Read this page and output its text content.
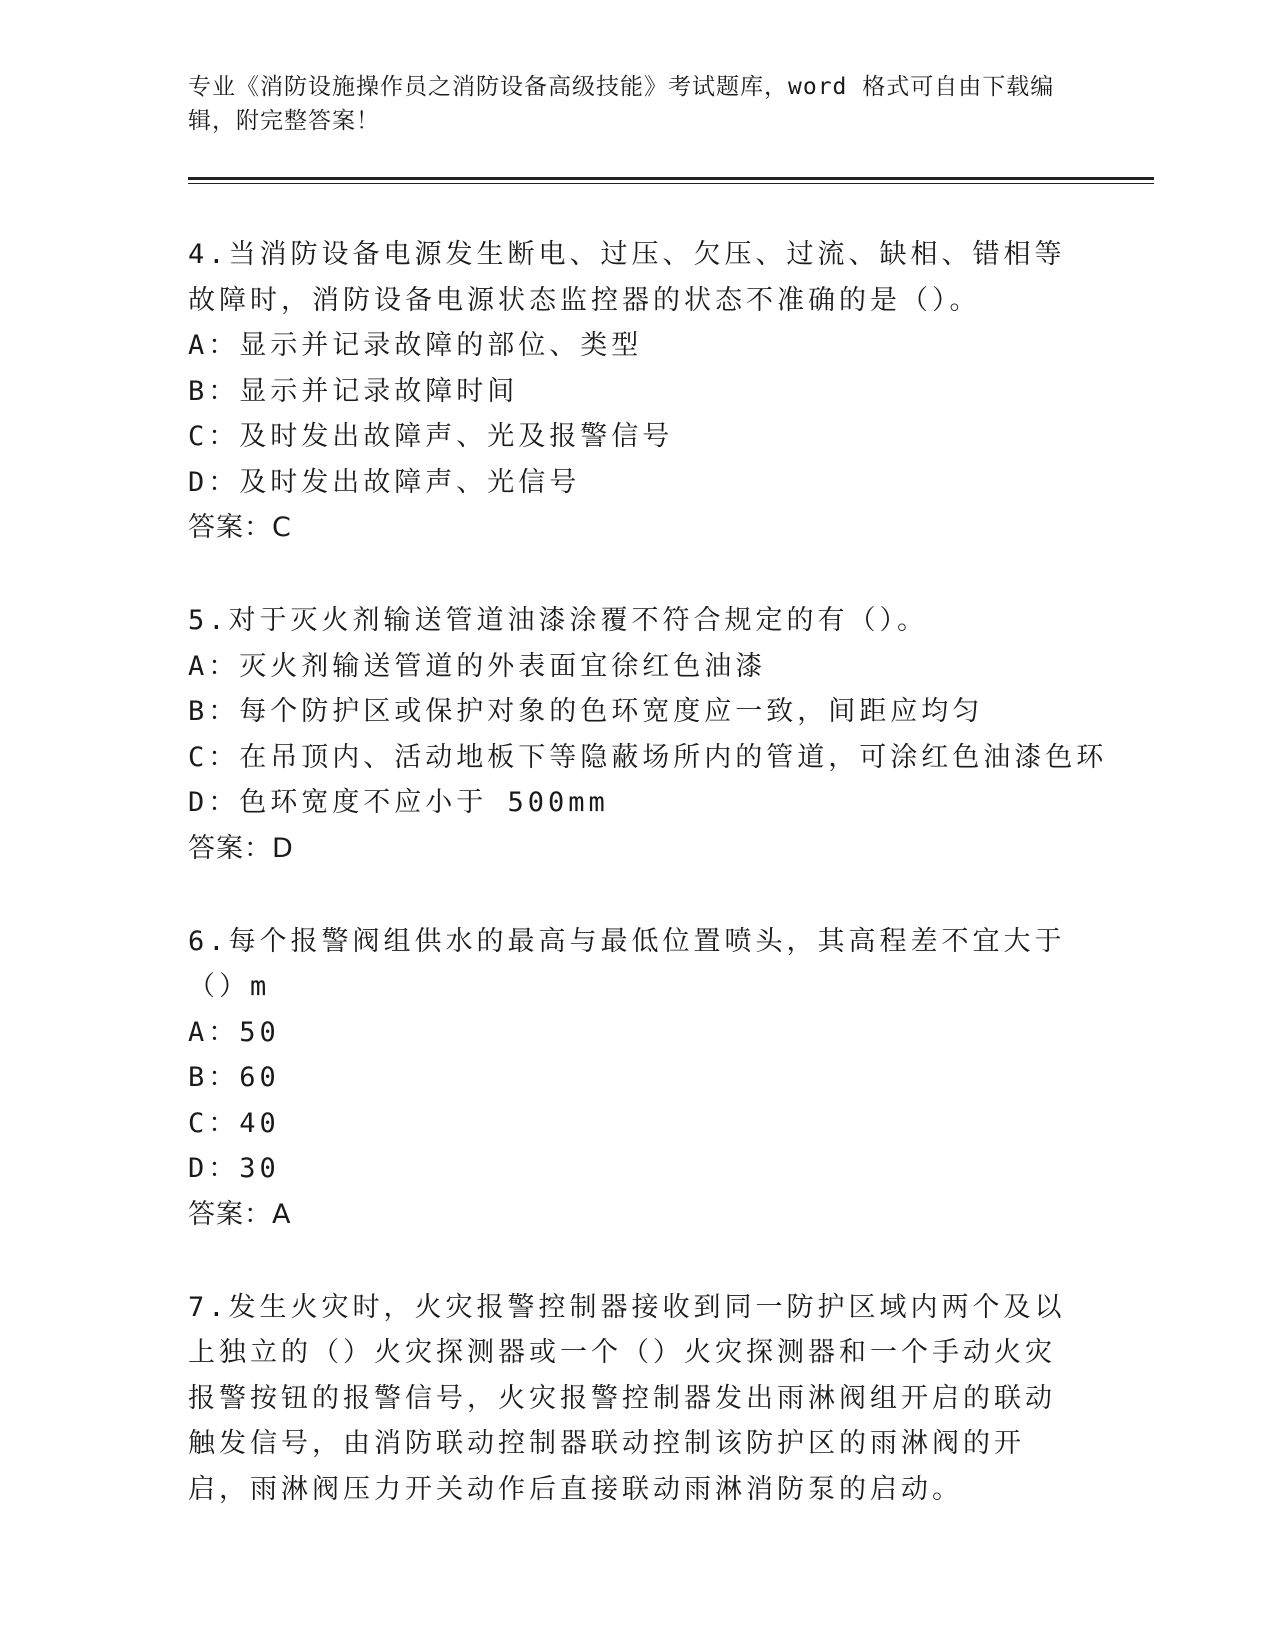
专业《消防设施操作员之消防设备高级技能》考试题库，word 格式可自由下载编辑，附完整答案！
4.当消防设备电源发生断电、过压、欠压、过流、缺相、错相等故障时，消防设备电源状态监控器的状态不准确的是（）。
A：显示并记录故障的部位、类型
B：显示并记录故障时间
C：及时发出故障声、光及报警信号
D：及时发出故障声、光信号
答案：C
5.对于灭火剂输送管道油漆涂覆不符合规定的有（）。
A：灭火剂输送管道的外表面宜徐红色油漆
B：每个防护区或保护对象的色环宽度应一致，间距应均匀
C：在吊顶内、活动地板下等隐蔽场所内的管道，可涂红色油漆色环
D：色环宽度不应小于 500mm
答案：D
6.每个报警阀组供水的最高与最低位置喷头，其高程差不宜大于（）m
A：50
B：60
C：40
D：30
答案：A
7.发生火灾时，火灾报警控制器接收到同一防护区域内两个及以上独立的（）火灾探测器或一个（）火灾探测器和一个手动火灾报警按钮的报警信号，火灾报警控制器发出雨淋阀组开启的联动触发信号，由消防联动控制器联动控制该防护区的雨淋阀的开启，雨淋阀压力开关动作后直接联动雨淋消防泵的启动。
